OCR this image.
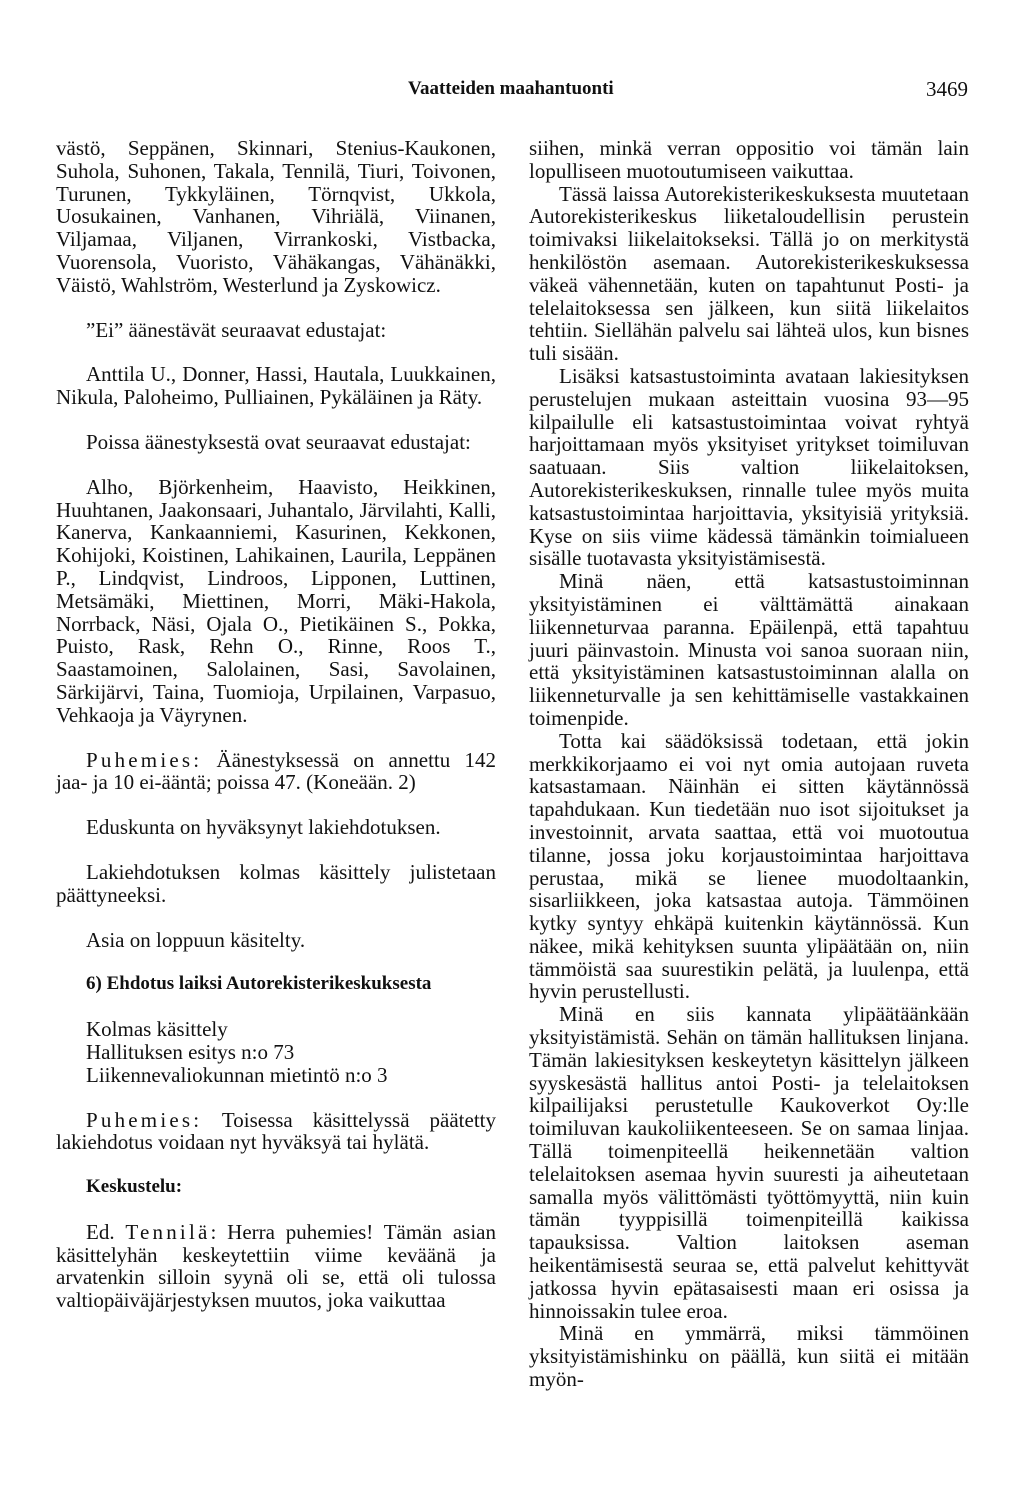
Vaatteiden maahantuonti	3469

västö, Seppänen, Skinnari, Stenius-Kaukonen, Suhola, Suhonen, Takala, Tennilä, Tiuri, Toivonen, Turunen, Tykkyläinen, Törnqvist, Ukkola, Uosukainen, Vanhanen, Vihriälä, Viinanen, Viljamaa, Viljanen, Virrankoski, Vistbacka, Vuorensola, Vuoristo, Vähäkangas, Vähänäkki, Väistö, Wahlström, Westerlund ja Zyskowicz.

”Ei” äänestävät seuraavat edustajat:

Anttila U., Donner, Hassi, Hautala, Luukkainen, Nikula, Paloheimo, Pulliainen, Pykäläinen ja Räty.

Poissa äänestyksestä ovat seuraavat edustajat:

Alho, Björkenheim, Haavisto, Heikkinen, Huuhtanen, Jaakonsaari, Juhantalo, Järvilahti, Kalli, Kanerva, Kankaanniemi, Kasurinen, Kekkonen, Kohijoki, Koistinen, Lahikainen, Laurila, Leppänen P., Lindqvist, Lindroos, Lipponen, Luttinen, Metsämäki, Miettinen, Morri, Mäki-Hakola, Norrback, Näsi, Ojala O., Pietikäinen S., Pokka, Puisto, Rask, Rehn O., Rinne, Roos T., Saastamoinen, Salolainen, Sasi, Savolainen, Särkijärvi, Taina, Tuomioja, Urpilainen, Varpasuo, Vehkaoja ja Väyrynen.

Puhemies: Äänestyksessä on annettu 142 jaa- ja 10 ei-ääntä; poissa 47. (Koneään. 2)

Eduskunta on hyväksynyt lakiehdotuksen.

Lakiehdotuksen kolmas käsittely julistetaan päättyneeksi.

Asia on loppuun käsitelty.

6) Ehdotus laiksi Autorekisterikeskuksesta

Kolmas käsittely

Hallituksen esitys n:o 73

Liikennevaliokunnan mietintö n:o 3

Puhemies: Toisessa käsittelyssä päätetty lakiehdotus voidaan nyt hyväksyä tai hylätä.

Keskustelu:

Ed. Tennilä: Herra puhemies! Tämän asian käsittelyhän keskeytettiin viime keväänä ja arvatenkin silloin syynä oli se, että oli tulossa valtiopäiväjärjestyksen muutos, joka vaikuttaa

siihen, minkä verran oppositio voi tämän lain lopulliseen muotoutumiseen vaikuttaa.

Tässä laissa Autorekisterikeskuksesta muutetaan Autorekisterikeskus liiketaloudellisin perustein toimivaksi liikelaitokseksi. Tällä jo on merkitystä henkilöstön asemaan. Autorekisterikeskuksessa väkeä vähennetään, kuten on tapahtunut Posti- ja telelaitoksessa sen jälkeen, kun siitä liikelaitos tehtiin. Siellähän palvelu sai lähteä ulos, kun bisnes tuli sisään.

Lisäksi katsastustoiminta avataan lakiesityksen perustelujen mukaan asteittain vuosina 93—95 kilpailulle eli katsastustoimintaa voivat ryhtyä harjoittamaan myös yksityiset yritykset toimiluvan saatuaan. Siis valtion liikelaitoksen, Autorekisterikeskuksen, rinnalle tulee myös muita katsastustoimintaa harjoittavia, yksityisiä yrityksiä. Kyse on siis viime kädessä tämänkin toimialueen sisälle tuotavasta yksityistämisestä.

Minä näen, että katsastustoiminnan yksityistäminen ei välttämättä ainakaan liikenneturvaa paranna. Epäilenpä, että tapahtuu juuri päinvastoin. Minusta voi sanoa suoraan niin, että yksityistäminen katsastustoiminnan alalla on liikenneturvalle ja sen kehittämiselle vastakkainen toimenpide.

Totta kai säädöksissä todetaan, että jokin merkkikorjaamo ei voi nyt omia autojaan ruveta katsastamaan. Näinhän ei sitten käytännössä tapahdukaan. Kun tiedetään nuo isot sijoitukset ja investoinnit, arvata saattaa, että voi muotoutua tilanne, jossa joku korjaustoimintaa harjoittava perustaa, mikä se lienee muodoltaankin, sisarliikkeen, joka katsastaa autoja. Tämmöinen kytky syntyy ehkäpä kuitenkin käytännössä. Kun näkee, mikä kehityksen suunta ylipäätään on, niin tämmöistä saa suurestikin pelätä, ja luulenpa, että hyvin perustellusti.

Minä en siis kannata ylipäätäänkään yksityistämistä. Sehän on tämän hallituksen linjana. Tämän lakiesityksen keskeytetyn käsittelyn jälkeen syyskesästä hallitus antoi Posti- ja telelaitoksen kilpailijaksi perustetulle Kaukoverkot Oy:lle toimiluvan kaukoliikenteeseen. Se on samaa linjaa. Tällä toimenpiteellä heikennetään valtion telelaitoksen asemaa hyvin suuresti ja aiheutetaan samalla myös välittömästi työttömyyttä, niin kuin tämän tyyppisillä toimenpiteillä kaikissa tapauksissa. Valtion laitoksen aseman heikentämisestä seuraa se, että palvelut kehittyvät jatkossa hyvin epätasaisesti maan eri osissa ja hinnoissakin tulee eroa.

Minä en ymmärrä, miksi tämmöinen yksityistämishinku on päällä, kun siitä ei mitään myön-
